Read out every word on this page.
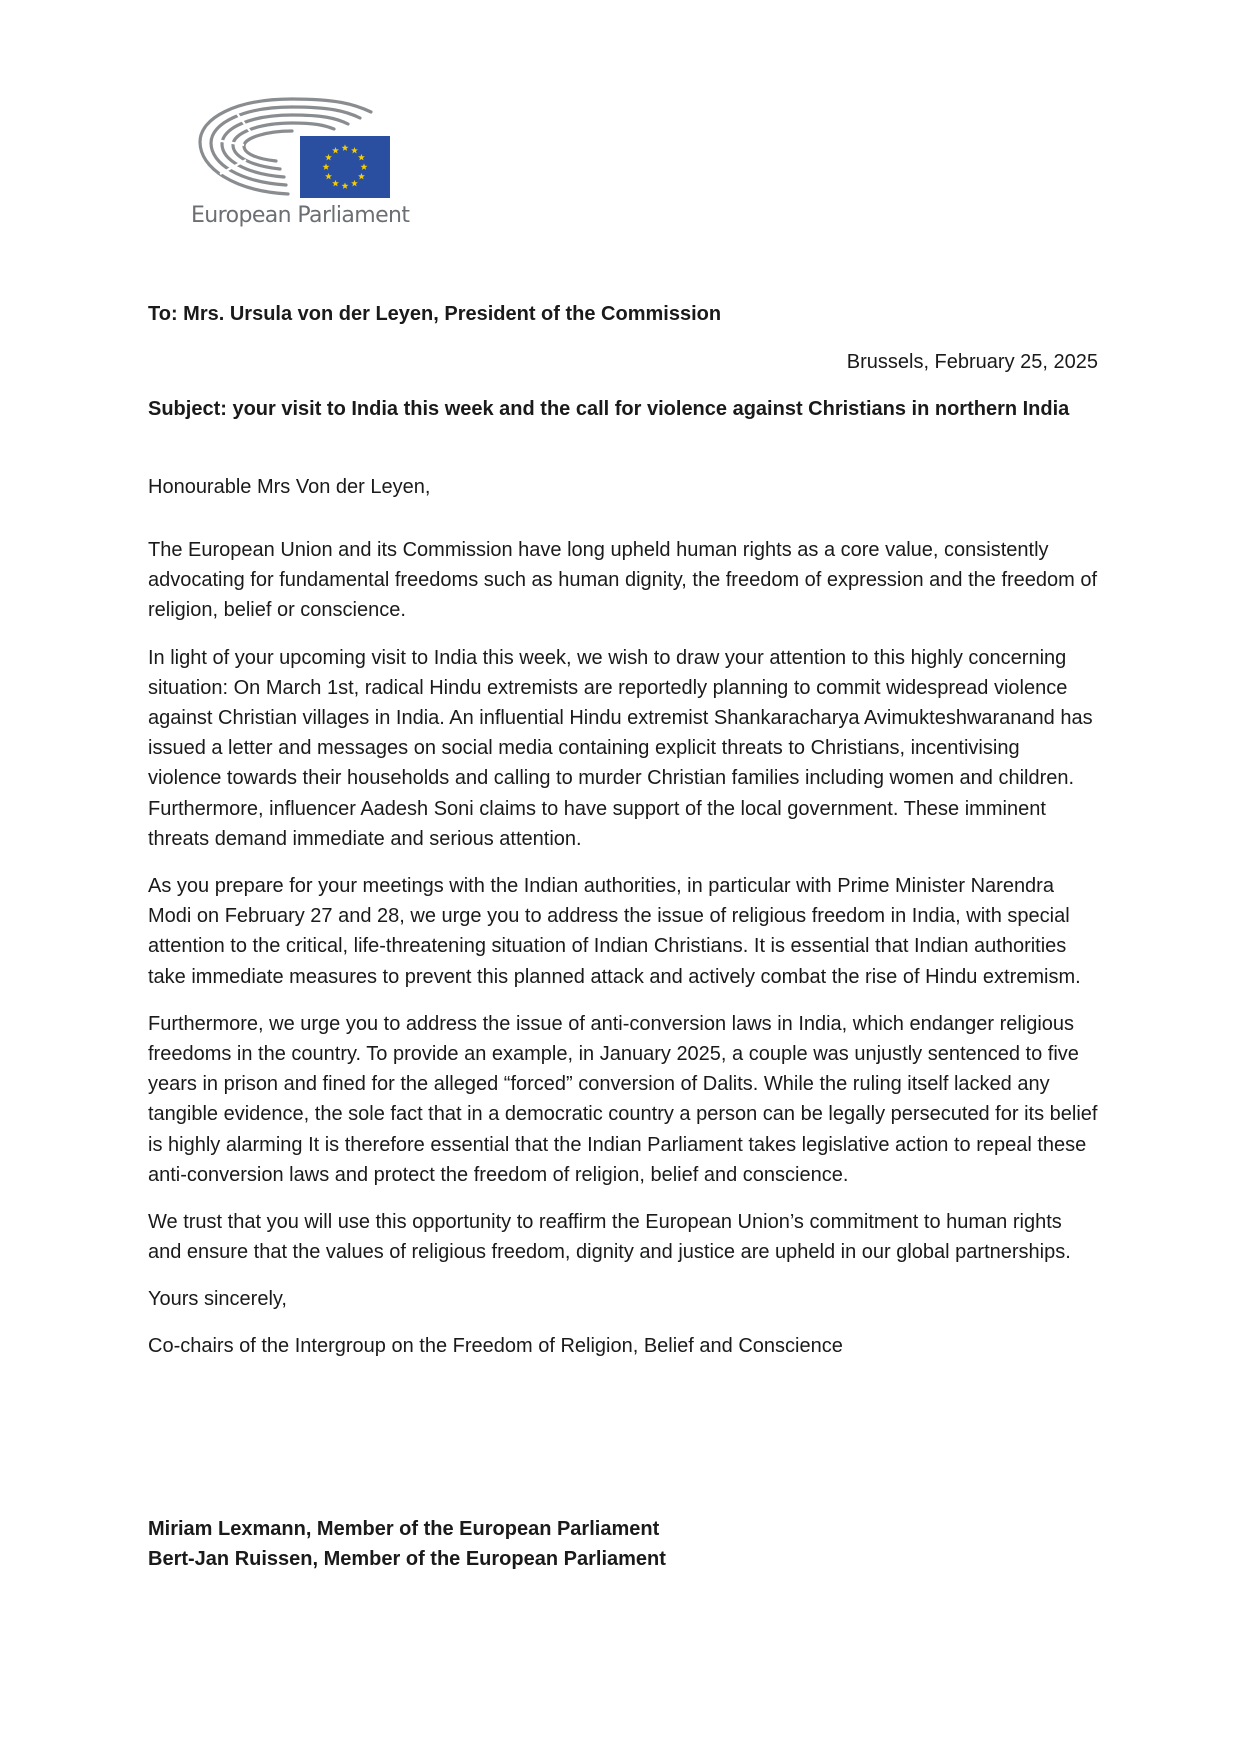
European Parliament
To: Mrs. Ursula von der Leyen, President of the Commission
Brussels, February 25, 2025
Subject: your visit to India this week and the call for violence against Christians in northern India
Honourable Mrs Von der Leyen,

The European Union and its Commission have long upheld human rights as a core value, consistently advocating for fundamental freedoms such as human dignity, the freedom of expression and the freedom of religion, belief or conscience.

In light of your upcoming visit to India this week, we wish to draw your attention to this highly concerning situation: On March 1st, radical Hindu extremists are reportedly planning to commit widespread violence against Christian villages in India. An influential Hindu extremist Shankaracharya Avimukteshwaranand has issued a letter and messages on social media containing explicit threats to Christians, incentivising violence towards their households and calling to murder Christian families including women and children. Furthermore, influencer Aadesh Soni claims to have support of the local government. These imminent threats demand immediate and serious attention.

As you prepare for your meetings with the Indian authorities, in particular with Prime Minister Narendra Modi on February 27 and 28, we urge you to address the issue of religious freedom in India, with special attention to the critical, life-threatening situation of Indian Christians. It is essential that Indian authorities take immediate measures to prevent this planned attack and actively combat the rise of Hindu extremism.

Furthermore, we urge you to address the issue of anti-conversion laws in India, which endanger religious freedoms in the country. To provide an example, in January 2025, a couple was unjustly sentenced to five years in prison and fined for the alleged “forced” conversion of Dalits. While the ruling itself lacked any tangible evidence, the sole fact that in a democratic country a person can be legally persecuted for its belief is highly alarming It is therefore essential that the Indian Parliament takes legislative action to repeal these anti-conversion laws and protect the freedom of religion, belief and conscience.

We trust that you will use this opportunity to reaffirm the European Union’s commitment to human rights and ensure that the values of religious freedom, dignity and justice are upheld in our global partnerships.

Yours sincerely,

Co-chairs of the Intergroup on the Freedom of Religion, Belief and Conscience

Miriam Lexmann, Member of the European Parliament
Bert-Jan Ruissen, Member of the European Parliament
